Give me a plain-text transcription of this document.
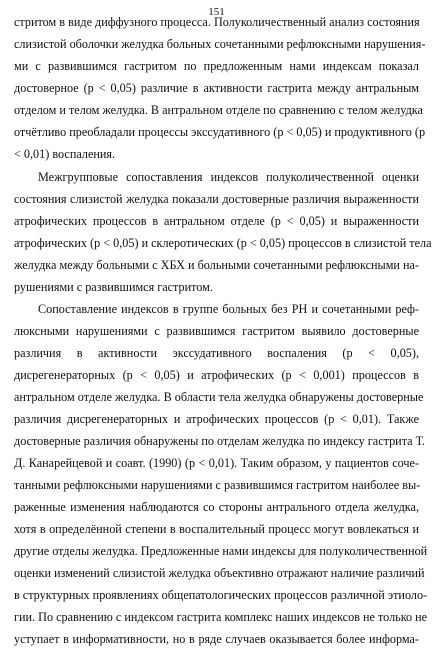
151
стритом в виде диффузного процесса. Полуколичественный анализ состояния
слизистой оболочки желудка больных сочетанными рефлюксными нарушения-
ми с развившимся гастритом по предложенным нами индексам показал
достоверное (р < 0,05) различие в активности гастрита между антральным
отделом и телом желудка. В антральном отделе по сравнению с телом желудка
отчётливо преобладали процессы экссудативного (р < 0,05) и продуктивного (р
< 0,01) воспаления.
Межгрупповые сопоставления индексов полуколичественной оценки
состояния слизистой желудка показали достоверные различия выраженности
атрофических процессов в антральном отделе (р < 0,05) и выраженности
атрофических (р < 0,05) и склеротических (р < 0,05) процессов в слизистой тела
желудка между больными с ХБХ и больными сочетанными рефлюксными на-
рушениями с развившимся гастритом.
Сопоставление индексов в группе больных без РН и сочетанными реф-
люксными нарушениями с развившимся гастритом выявило достоверные
различия в активности экссудативного воспаления (р < 0,05),
дисрегенераторных (р < 0,05) и атрофических (р < 0,001) процессов в
антральном отделе желудка. В области тела желудка обнаружены достоверные
различия дисрегенераторных и атрофических процессов (р < 0,01). Также
достоверные различия обнаружены по отделам желудка по индексу гастрита Т.
Д. Канарейцевой и соавт. (1990) (р < 0,01). Таким образом, у пациентов соче-
танными рефлюксными нарушениями с развившимся гастритом наиболее вы-
раженные изменения наблюдаются со стороны антрального отдела желудка,
хотя в определённой степени в воспалительный процесс могут вовлекаться и
другие отделы желудка. Предложенные нами индексы для полуколичественной
оценки изменений слизистой желудка объективно отражают наличие различий
в структурных проявлениях общепатологических процессов различной этиоло-
гии. По сравнению с индексом гастрита комплекс наших индексов не только не
уступает в информативности, но в ряде случаев оказывается более информа-
